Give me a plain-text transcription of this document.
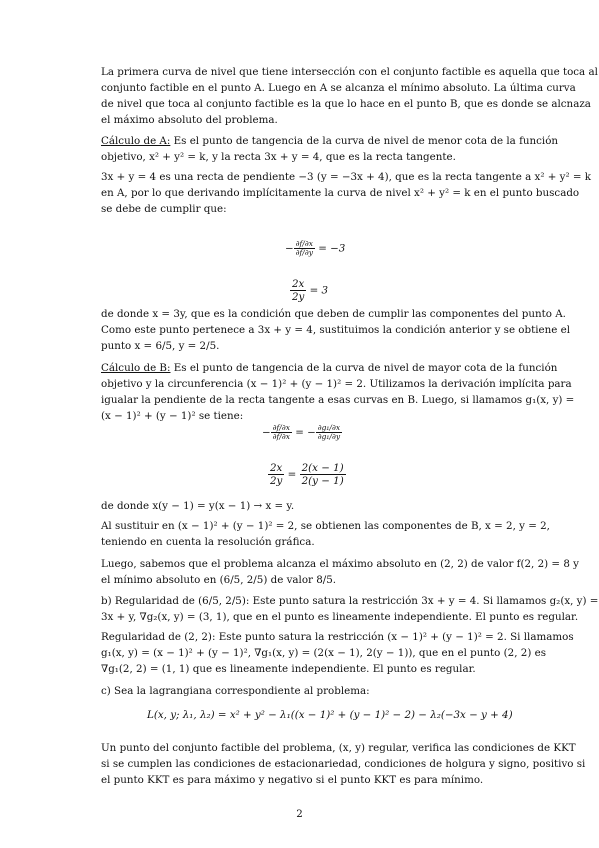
La primera curva de nivel que tiene intersección con el conjunto factible es aquella que toca al
conjunto factible en el punto A. Luego en A se alcanza el mínimo absoluto. La última curva
de nivel que toca al conjunto factible es la que lo hace en el punto B, que es donde se alcnaza
el máximo absoluto del problema.
Cálculo de A: Es el punto de tangencia de la curva de nivel de menor cota de la función
objetivo, x² + y² = k, y la recta 3x + y = 4, que es la recta tangente.
3x + y = 4 es una recta de pendiente −3 (y = −3x + 4), que es la recta tangente a x² + y² = k
en A, por lo que derivando implícitamente la curva de nivel x² + y² = k en el punto buscado
se debe de cumplir que:
− $\frac{\partial f/\partial x}{\partial f/\partial y} = -3$
$\frac{2x}{2y} = 3$
de donde x = 3y, que es la condición que deben de cumplir las componentes del punto A.
Como este punto pertenece a 3x + y = 4, sustituimos la condición anterior y se obtiene el
punto x = 6/5, y = 2/5.
Cálculo de B: Es el punto de tangencia de la curva de nivel de mayor cota de la función
objetivo y la circunferencia (x − 1)² + (y − 1)² = 2. Utilizamos la derivación implícita para
igualar la pendiente de la recta tangente a esas curvas en B. Luego, si llamamos g₁(x, y) =
(x − 1)² + (y − 1)² se tiene:
− $\frac{\partial f/\partial x}{\partial f/\partial x}$ = − $\frac{\text{∂g₁/∂x}}{\text{∂g₁/∂y}}$
$\frac{2x}{2y} = \frac{2(x - 1)}{2(y - 1)}$
de donde x(y − 1) = y(x − 1) → x = y.
Al sustituir en (x − 1)² + (y − 1)² = 2, se obtienen las componentes de B, x = 2, y = 2,
teniendo en cuenta la resolución gráfica.
Luego, sabemos que el problema alcanza el máximo absoluto en (2, 2) de valor f(2, 2) = 8 y
el mínimo absoluto en (6/5, 2/5) de valor 8/5.
b) Regularidad de (6/5, 2/5): Este punto satura la restricción 3x + y = 4. Si llamamos g₂(x, y) =
3x + y, ∇g₂(x, y) = (3, 1), que en el punto es lineamente independiente. El punto es regular.
Regularidad de (2, 2): Este punto satura la restricción (x − 1)² + (y − 1)² = 2. Si llamamos
g₁(x, y) = (x − 1)² + (y − 1)², ∇g₁(x, y) = (2(x − 1), 2(y − 1)), que en el punto (2, 2) es
∇g₁(2, 2) = (1, 1) que es lineamente independiente. El punto es regular.
c) Sea la lagrangiana correspondiente al problema:
L(x, y; λ₁, λ₂) = x² + y² − λ₁((x − 1)² + (y − 1)² − 2) − λ₂(−3x − y + 4)
Un punto del conjunto factible del problema, (x, y) regular, verifica las condiciones de KKT
si se cumplen las condiciones de estacionariedad, condiciones de holgura y signo, positivo si
el punto KKT es para máximo y negativo si el punto KKT es para mínimo.
2
